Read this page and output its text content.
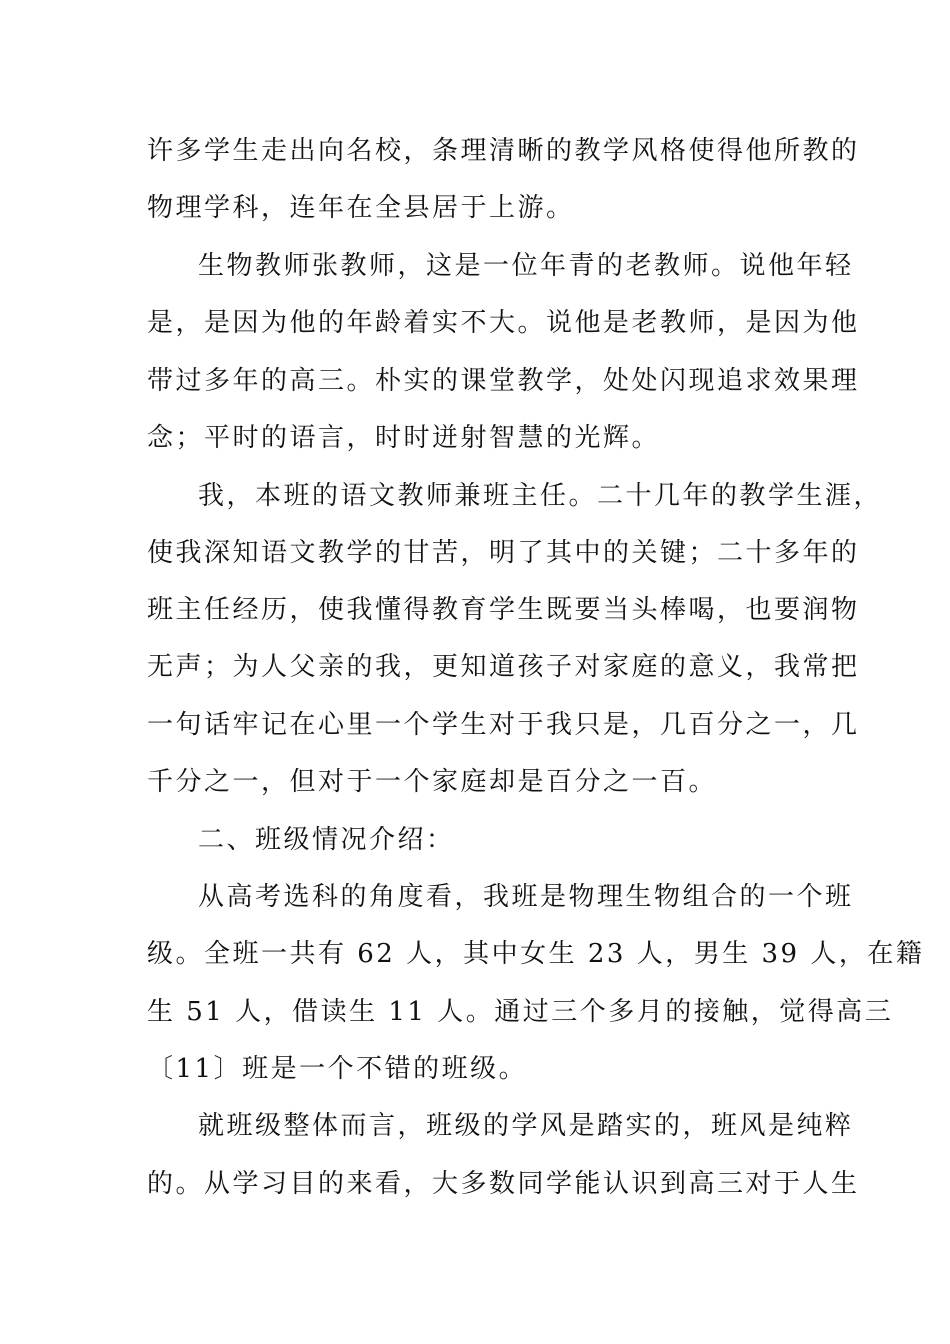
许多学生走出向名校，条理清晰的教学风格使得他所教的
物理学科，连年在全县居于上游。
生物教师张教师，这是一位年青的老教师。说他年轻
是，是因为他的年龄着实不大。说他是老教师，是因为他
带过多年的高三。朴实的课堂教学，处处闪现追求效果理
念；平时的语言，时时迸射智慧的光辉。
我，本班的语文教师兼班主任。二十几年的教学生涯，
使我深知语文教学的甘苦，明了其中的关键；二十多年的
班主任经历，使我懂得教育学生既要当头棒喝，也要润物
无声；为人父亲的我，更知道孩子对家庭的意义，我常把
一句话牢记在心里一个学生对于我只是，几百分之一，几
千分之一，但对于一个家庭却是百分之一百。
二、班级情况介绍：
从高考选科的角度看，我班是物理生物组合的一个班
级。全班一共有 62 人，其中女生 23 人，男生 39 人，在籍
生 51 人，借读生 11 人。通过三个多月的接触，觉得高三
〔11〕班是一个不错的班级。
就班级整体而言，班级的学风是踏实的，班风是纯粹
的。从学习目的来看，大多数同学能认识到高三对于人生
